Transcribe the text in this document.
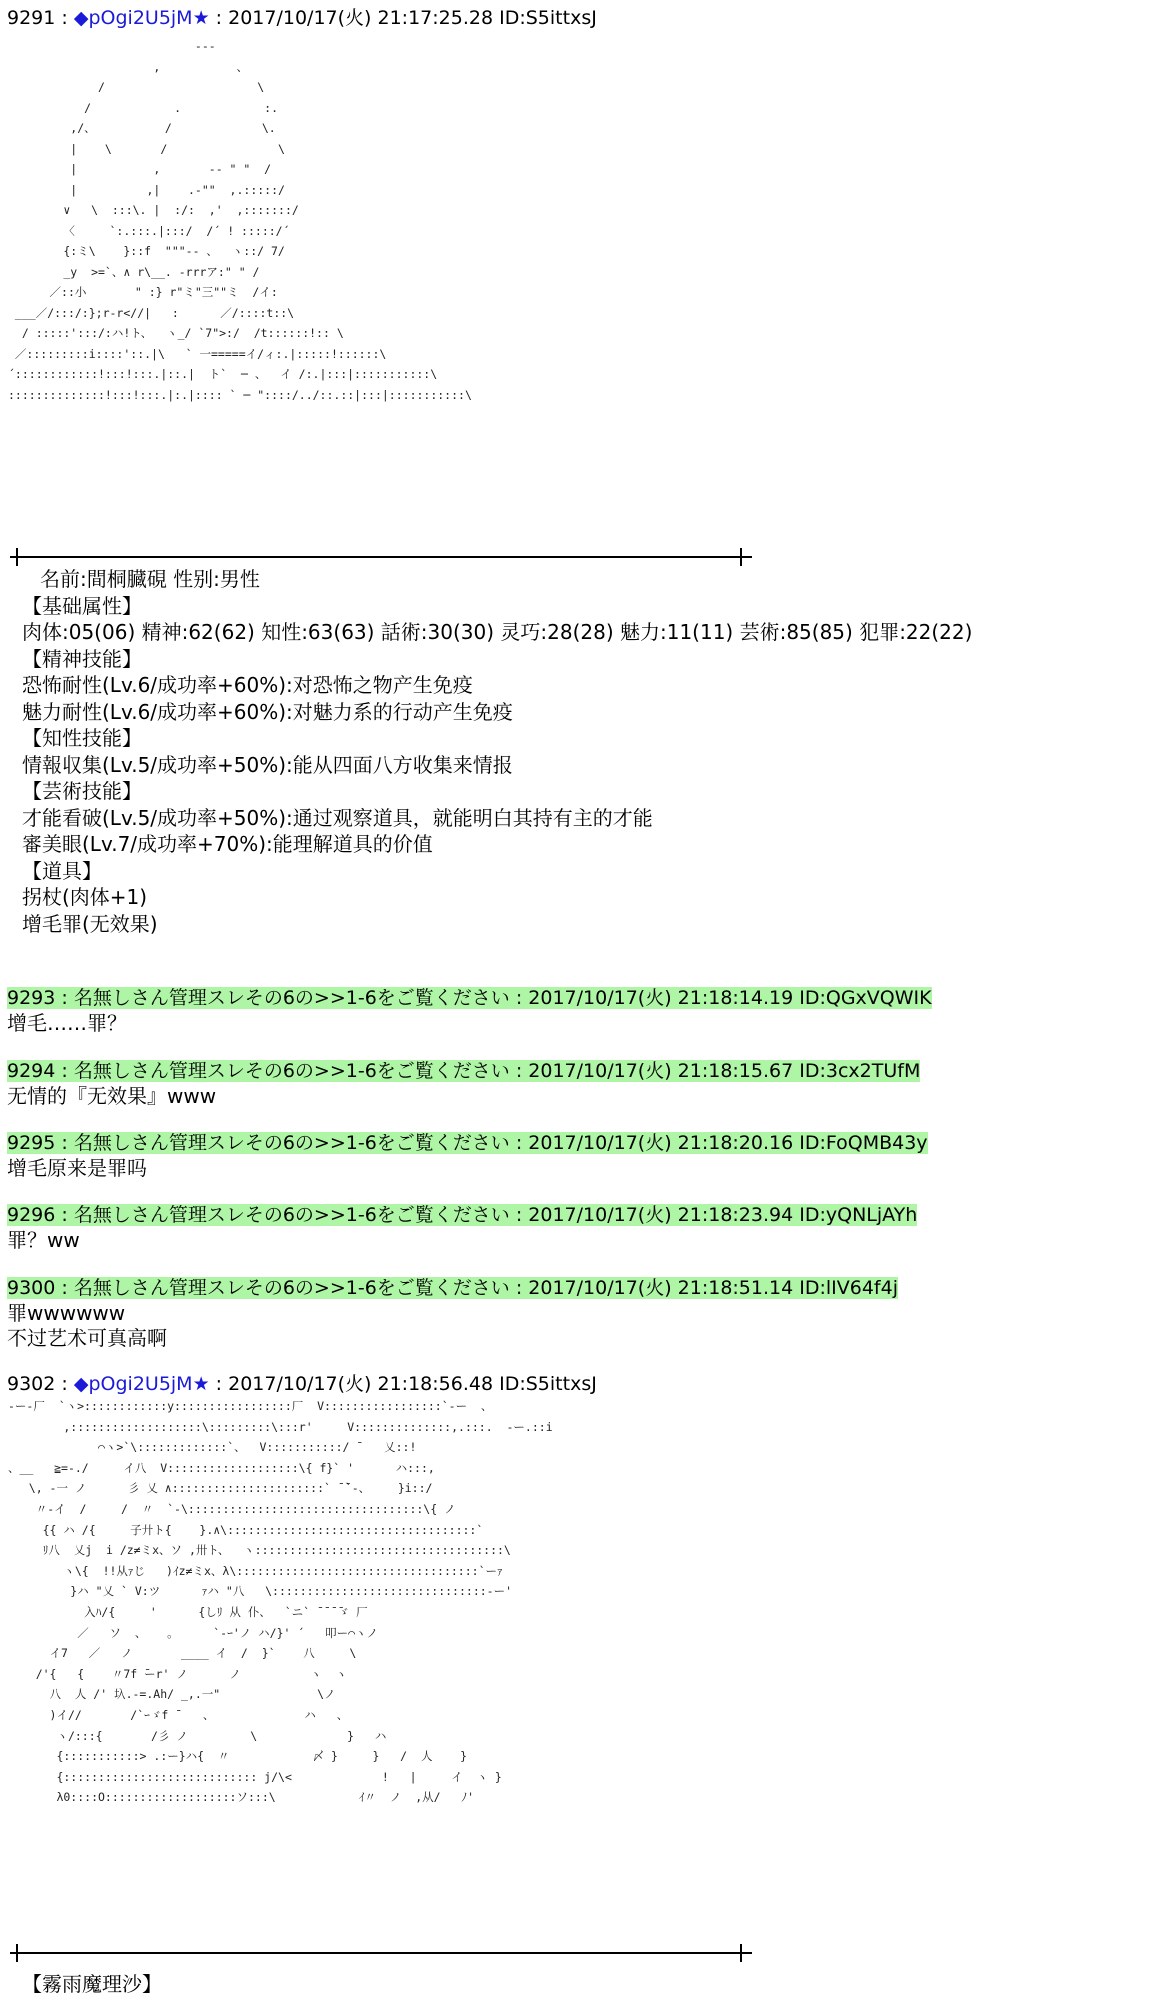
9291 : ◆pOgi2U5jM★ : 2017/10/17(火) 21:17:25.28 ID:S5ittxsJ
---
,           、
/                      \
/            .            :.
,/、          /             \.
|    \       /                \
|           ,       -- " "  /
|          ,|    .-""  ,.:::::/
∨   \  :::\. |  :/:  ,'  ,:::::::/
〈     `:.:::.|:::/  /´ ! :::::/´
{:ミ\    }::f  """-- 、  ヽ::/ 7/
_y  >=`、∧ r\__. -rrrア:" " /
／::小       " :} r"ミ"三""ミ  /イ:
___／/:::/:};r-r<//|   :      ／/::::t::\
/ :::::':::/:ハ!ト、  ヽ_/ `7">:/  /t::::::!:: \
／:::::::::i::::'::.|\   ` 一=====イ/ィ:.|:::::!::::::\
´::::::::::::!:::!:::.|::.|  ト`  ─ 、  イ /:.|:::|:::::::::::\
::::::::::::::!:::!:::.|:.|:::: ` ─ "::::/../::.::|:::|:::::::::::\
名前:間桐臓硯 性别:男性
【基础属性】
肉体:05(06) 精神:62(62) 知性:63(63) 話術:30(30) 灵巧:28(28) 魅力:11(11) 芸術:85(85) 犯罪:22(22)
【精神技能】
恐怖耐性(Lv.6/成功率+60%):对恐怖之物产生免疫
魅力耐性(Lv.6/成功率+60%):对魅力系的行动产生免疫
【知性技能】
情報収集(Lv.5/成功率+50%):能从四面八方收集来情报
【芸術技能】
才能看破(Lv.5/成功率+50%):通过观察道具，就能明白其持有主的才能
審美眼(Lv.7/成功率+70%):能理解道具的价值
【道具】
拐杖(肉体+1)
增毛罪(无效果)
9293 : 名無しさん管理スレその6の>>1-6をご覧ください : 2017/10/17(火) 21:18:14.19 ID:QGxVQWIK
增毛……罪？
9294 : 名無しさん管理スレその6の>>1-6をご覧ください : 2017/10/17(火) 21:18:15.67 ID:3cx2TUfM
无情的『无效果』www
9295 : 名無しさん管理スレその6の>>1-6をご覧ください : 2017/10/17(火) 21:18:20.16 ID:FoQMB43y
增毛原来是罪吗
9296 : 名無しさん管理スレその6の>>1-6をご覧ください : 2017/10/17(火) 21:18:23.94 ID:yQNLjAYh
罪？ww
9300 : 名無しさん管理スレその6の>>1-6をご覧ください : 2017/10/17(火) 21:18:51.14 ID:lIV64f4j
罪wwwwww
不过艺术可真高啊
9302 : ◆pOgi2U5jM★ : 2017/10/17(火) 21:18:56.48 ID:S5ittxsJ
-ー-厂  `ヽ>::::::::::::y:::::::::::::::::厂  V:::::::::::::::::`-ー  、
,:::::::::::::::::::\:::::::::\:::r'     V::::::::::::::,.:::.  -ー.::i
⌒ヽ>`\:::::::::::::`、  V:::::::::::/ ̄    乂::!
、__   ≧=-./     イ八  V:::::::::::::::::::\{ f}` '      ハ:::,
\, -一 ノ      彡 乂 ∧::::::::::::::::::::::` ̄ ̄`-、    }i::/
〃-イ  /     /  〃  `-\::::::::::::::::::::::::::::::::::\{ ノ
{{ ハ /{     子廾ト{    }.∧\::::::::::::::::::::::::::::::::::::`
ﾘ八  乂j  i /z≠ミx、ソ ,卅ト、  ヽ::::::::::::::::::::::::::::::::::::\
ヽ\{  !!从ｧじ   )ｲz≠ミx、λ\:::::::::::::::::::::::::::::::::::`ーｧ
}ハ "乂 ` V:ツ      ｧハ "八   \:::::::::::::::::::::::::::::::-ー'
入ﾊ/{     '      {しﾘ 从 仆、  `ニ` ̄ ̄ ̄ ̄ゞ 厂
／   ソ  、   。     `-ｰ'ノ ハ/}' ´   叩ー⌒ヽノ
イ7   ／   ノ       ____ イ  /  }`    八     \
/'{   {    〃7f ̄ーr' ノ      ノ          ヽ  ヽ
八  人 /' 圦.-=.Ah/ _,.一"              \ノ
)イ//       /`ｰゞf ̄    、             ハ   、
ヽ/:::{       /彡 ノ         \             }   ハ
{:::::::::::> .:ー}ハ{  〃            〆 }     }   /  人    }
{:::::::::::::::::::::::::::: j/\<             !   |     イ  ヽ }
λ0::::O:::::::::::::::::::ソ:::\            ｲ〃  ノ  ,从/   ﾉ'
【霧雨魔理沙】
